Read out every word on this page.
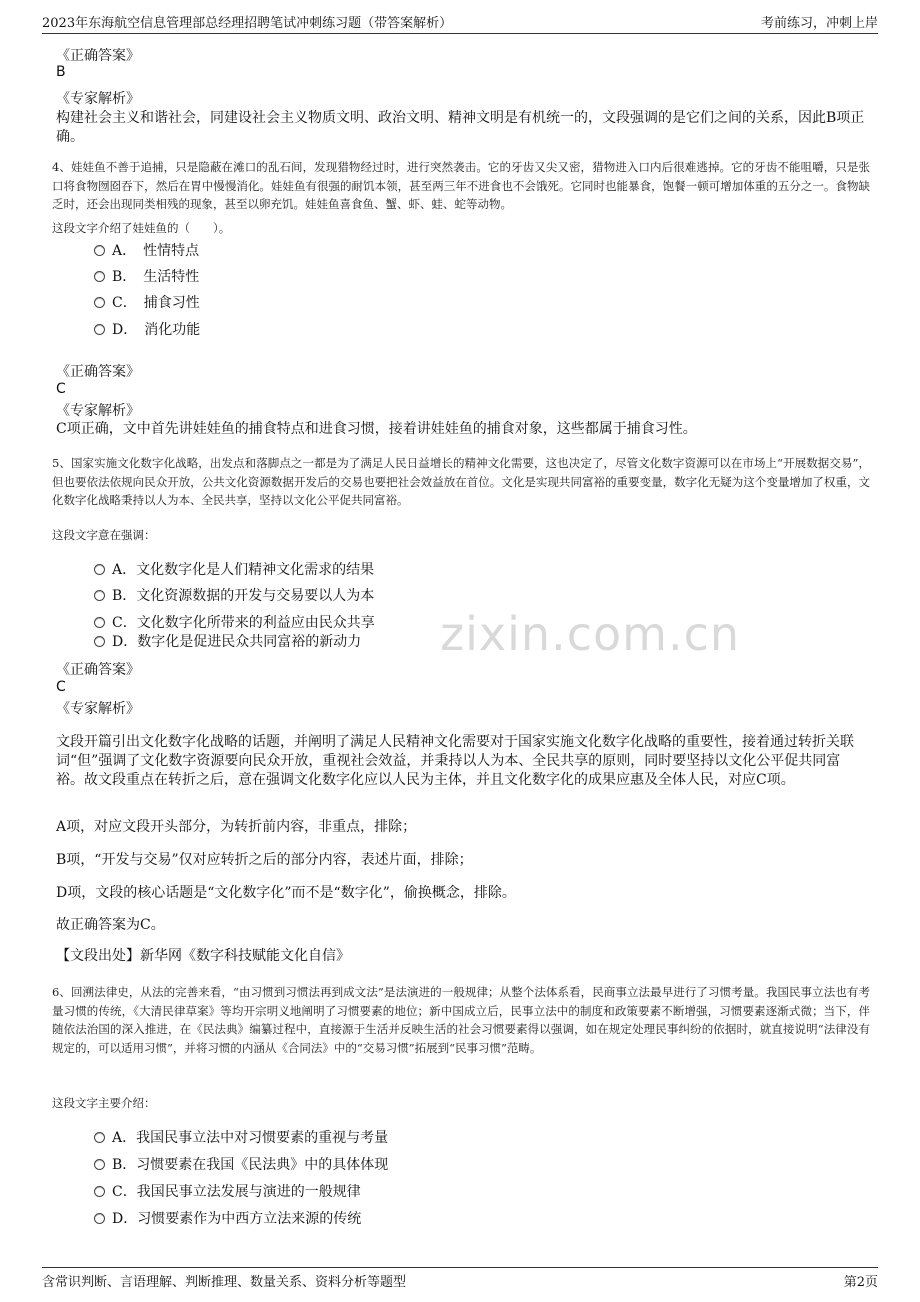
2023年东海航空信息管理部总经理招聘笔试冲刺练习题（带答案解析）	考前练习，冲刺上岸
《正确答案》
B
《专家解析》
构建社会主义和谐社会，同建设社会主义物质文明、政治文明、精神文明是有机统一的，文段强调的是它们之间的关系，因此B项正确。
4、娃娃鱼不善于追捕，只是隐蔽在滩口的乱石间，发现猎物经过时，进行突然袭击。它的牙齿又尖又密，猎物进入口内后很难逃掉。它的牙齿不能咀嚼，只是张口将食物囫囵吞下，然后在胃中慢慢消化。娃娃鱼有很强的耐饥本领，甚至两三年不进食也不会饿死。它同时也能暴食，饱餐一顿可增加体重的五分之一。食物缺乏时，还会出现同类相残的现象，甚至以卵充饥。娃娃鱼喜食鱼、蟹、虾、蛙、蛇等动物。
这段文字介绍了娃娃鱼的（　　）。
A．　性情特点
B．　生活特性
C．　捕食习性
D．　消化功能
《正确答案》
C
《专家解析》
C项正确，文中首先讲娃娃鱼的捕食特点和进食习惯，接着讲娃娃鱼的捕食对象，这些都属于捕食习性。
5、国家实施文化数字化战略，出发点和落脚点之一都是为了满足人民日益增长的精神文化需要，这也决定了，尽管文化数字资源可以在市场上“开展数据交易”，但也要依法依规向民众开放，公共文化资源数据开发后的交易也要把社会效益放在首位。文化是实现共同富裕的重要变量，数字化无疑为这个变量增加了权重，文化数字化战略秉持以人为本、全民共享，坚持以文化公平促共同富裕。
这段文字意在强调：
A．文化数字化是人们精神文化需求的结果
B．文化资源数据的开发与交易要以人为本
C．文化数字化所带来的利益应由民众共享
D．数字化是促进民众共同富裕的新动力 zixin.com.cn
《正确答案》
C
《专家解析》
文段开篇引出文化数字化战略的话题，并阐明了满足人民精神文化需要对于国家实施文化数字化战略的重要性，接着通过转折关联词“但”强调了文化数字资源要向民众开放，重视社会效益，并秉持以人为本、全民共享的原则，同时要坚持以文化公平促共同富裕。故文段重点在转折之后，意在强调文化数字化应以人民为主体，并且文化数字化的成果应惠及全体人民，对应C项。
A项，对应文段开头部分，为转折前内容，非重点，排除；
B项，“开发与交易”仅对应转折之后的部分内容，表述片面，排除；
D项，文段的核心话题是“文化数字化”而不是“数字化”，偷换概念，排除。
故正确答案为C。
【文段出处】新华网《数字科技赋能文化自信》
6、回溯法律史，从法的完善来看，“由习惯到习惯法再到成文法”是法演进的一般规律；从整个法体系看，民商事立法最早进行了习惯考量。我国民事立法也有考量习惯的传统，《大清民律草案》等均开宗明义地阐明了习惯要素的地位；新中国成立后，民事立法中的制度和政策要素不断增强，习惯要素逐渐式微；当下，伴随依法治国的深入推进，在《民法典》编纂过程中，直接源于生活并反映生活的社会习惯要素得以强调，如在规定处理民事纠纷的依据时，就直接说明“法律没有规定的，可以适用习惯”，并将习惯的内涵从《合同法》中的“交易习惯”拓展到“民事习惯”范畴。
这段文字主要介绍：
A．我国民事立法中对习惯要素的重视与考量
B．习惯要素在我国《民法典》中的具体体现
C．我国民事立法发展与演进的一般规律
D．习惯要素作为中西方立法来源的传统
含常识判断、言语理解、判断推理、数量关系、资料分析等题型	第2页
